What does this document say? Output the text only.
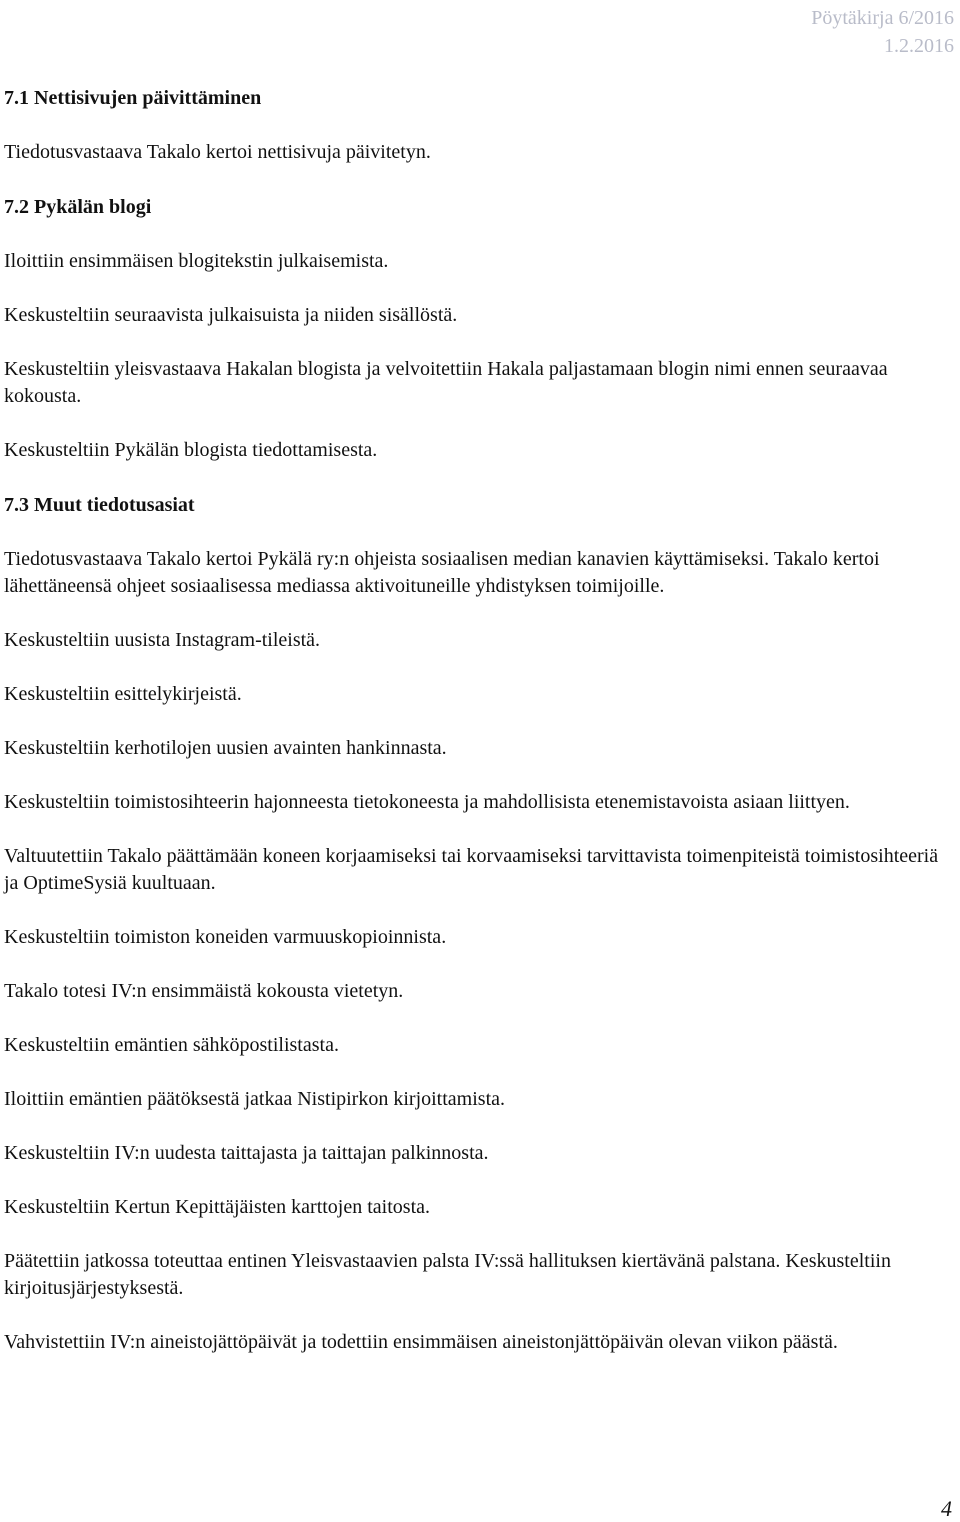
Pöytäkirja 6/2016
1.2.2016
7.1 Nettisivujen päivittäminen
Tiedotusvastaava Takalo kertoi nettisivuja päivitetyn.
7.2 Pykälän blogi
Iloittiin ensimmäisen blogitekstin julkaisemista.
Keskusteltiin seuraavista julkaisuista ja niiden sisällöstä.
Keskusteltiin yleisvastaava Hakalan blogista ja velvoitettiin Hakala paljastamaan blogin nimi ennen seuraavaa kokousta.
Keskusteltiin Pykälän blogista tiedottamisesta.
7.3 Muut tiedotusasiat
Tiedotusvastaava Takalo kertoi Pykälä ry:n ohjeista sosiaalisen median kanavien käyttämiseksi. Takalo kertoi lähettäneensä ohjeet sosiaalisessa mediassa aktivoituneille yhdistyksen toimijoille.
Keskusteltiin uusista Instagram-tileistä.
Keskusteltiin esittelykirjeistä.
Keskusteltiin kerhotilojen uusien avainten hankinnasta.
Keskusteltiin toimistosihteerin hajonneesta tietokoneesta ja mahdollisista etenemistavoista asiaan liittyen.
Valtuutettiin Takalo päättämään koneen korjaamiseksi tai korvaamiseksi tarvittavista toimenpiteistä toimistosihteeriä ja OptimeSysiä kuultuaan.
Keskusteltiin toimiston koneiden varmuuskopioinnista.
Takalo totesi IV:n ensimmäistä kokousta vietetyn.
Keskusteltiin emäntien sähköpostilistasta.
Iloittiin emäntien päätöksestä jatkaa Nistipirkon kirjoittamista.
Keskusteltiin IV:n uudesta taittajasta ja taittajan palkinnosta.
Keskusteltiin Kertun Kepittäjäisten karttojen taitosta.
Päätettiin jatkossa toteuttaa entinen Yleisvastaavien palsta IV:ssä hallituksen kiertävänä palstana. Keskusteltiin kirjoitusjärjestyksestä.
Vahvistettiin IV:n aineistojättöpäivät ja todettiin ensimmäisen aineistonjättöpäivän olevan viikon päästä.
4
